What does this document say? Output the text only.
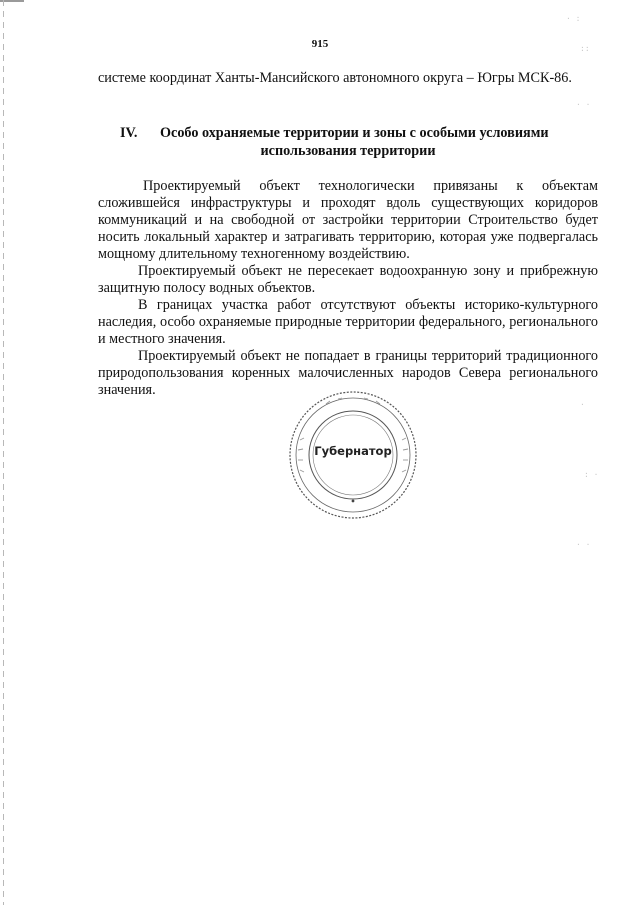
915

системе координат Ханты-Мансийского автономного округа – Югры МСК-86.

IV. Особо охраняемые территории и зоны с особыми условиями
использования территории

Проектируемый объект технологически привязаны к объектам сложившейся инфраструктуры и проходят вдоль существующих коридоров коммуникаций и на свободной от застройки территории Строительство будет носить локальный характер и затрагивать территорию, которая уже подвергалась мощному длительному техногенному воздействию.

Проектируемый объект не пересекает водоохранную зону и прибрежную защитную полосу водных объектов.

В границах участка работ отсутствуют объекты историко-культурного наследия, особо охраняемые природные территории федерального, регионального и местного значения.

Проектируемый объект не попадает в границы территорий традиционного природопользования коренных малочисленных народов Севера регионального значения.

Губернатор
· :
::
· ·
·
: ·
· ·
